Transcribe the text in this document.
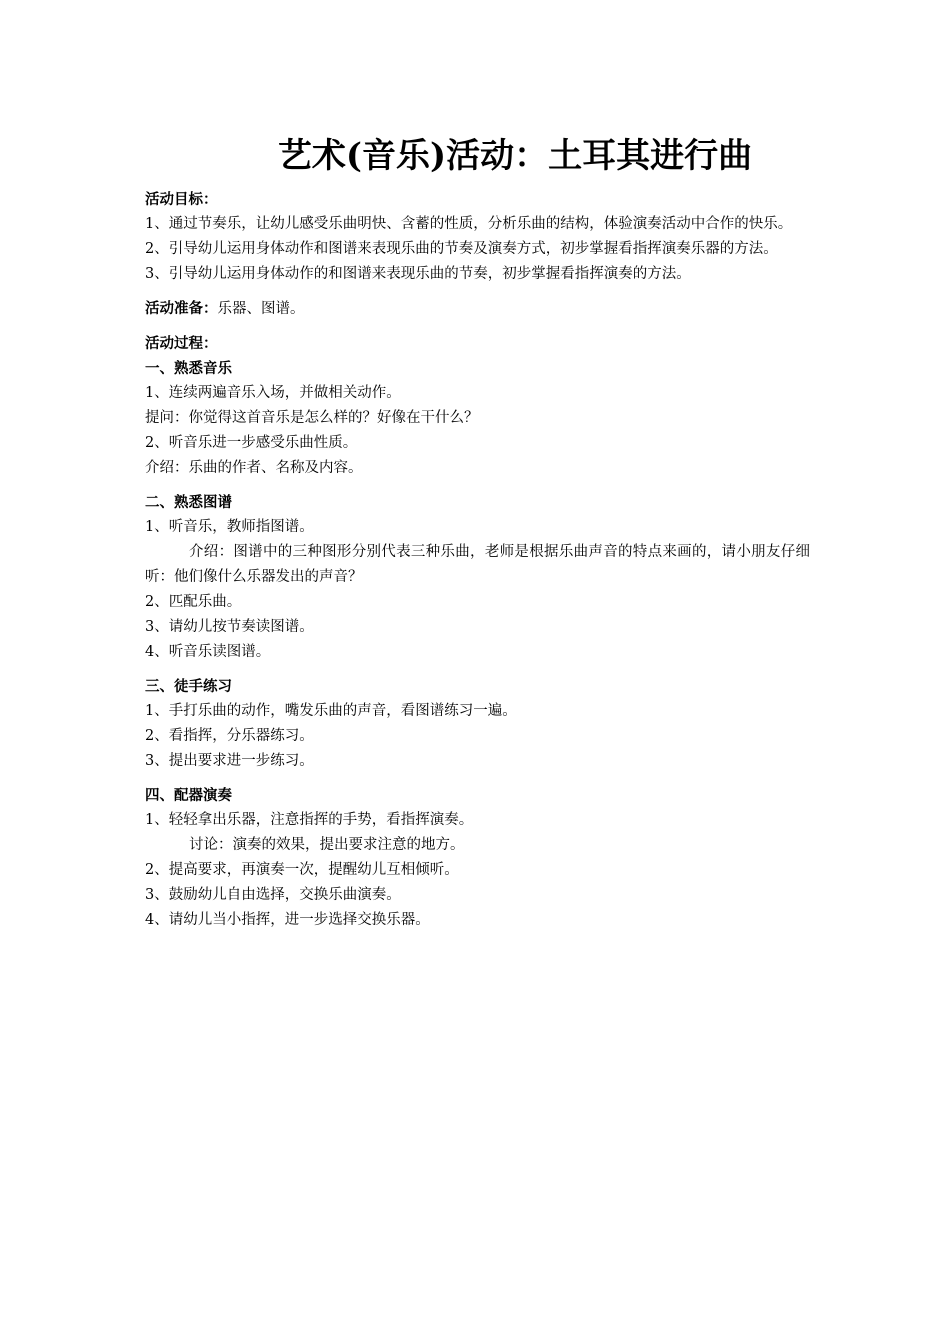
艺术(音乐)活动：土耳其进行曲
活动目标：
1、通过节奏乐，让幼儿感受乐曲明快、含蓄的性质，分析乐曲的结构，体验演奏活动中合作的快乐。
2、引导幼儿运用身体动作和图谱来表现乐曲的节奏及演奏方式，初步掌握看指挥演奏乐器的方法。
3、引导幼儿运用身体动作的和图谱来表现乐曲的节奏，初步掌握看指挥演奏的方法。
活动准备：乐器、图谱。
活动过程：
一、熟悉音乐
1、连续两遍音乐入场，并做相关动作。
提问：你觉得这首音乐是怎么样的？好像在干什么？
2、听音乐进一步感受乐曲性质。
介绍：乐曲的作者、名称及内容。
二、熟悉图谱
1、听音乐，教师指图谱。
介绍：图谱中的三种图形分别代表三种乐曲，老师是根据乐曲声音的特点来画的，请小朋友仔细听：他们像什么乐器发出的声音？
2、匹配乐曲。
3、请幼儿按节奏读图谱。
4、听音乐读图谱。
三、徒手练习
1、手打乐曲的动作，嘴发乐曲的声音，看图谱练习一遍。
2、看指挥，分乐器练习。
3、提出要求进一步练习。
四、配器演奏
1、轻轻拿出乐器，注意指挥的手势，看指挥演奏。
讨论：演奏的效果，提出要求注意的地方。
2、提高要求，再演奏一次，提醒幼儿互相倾听。
3、鼓励幼儿自由选择，交换乐曲演奏。
4、请幼儿当小指挥，进一步选择交换乐器。
